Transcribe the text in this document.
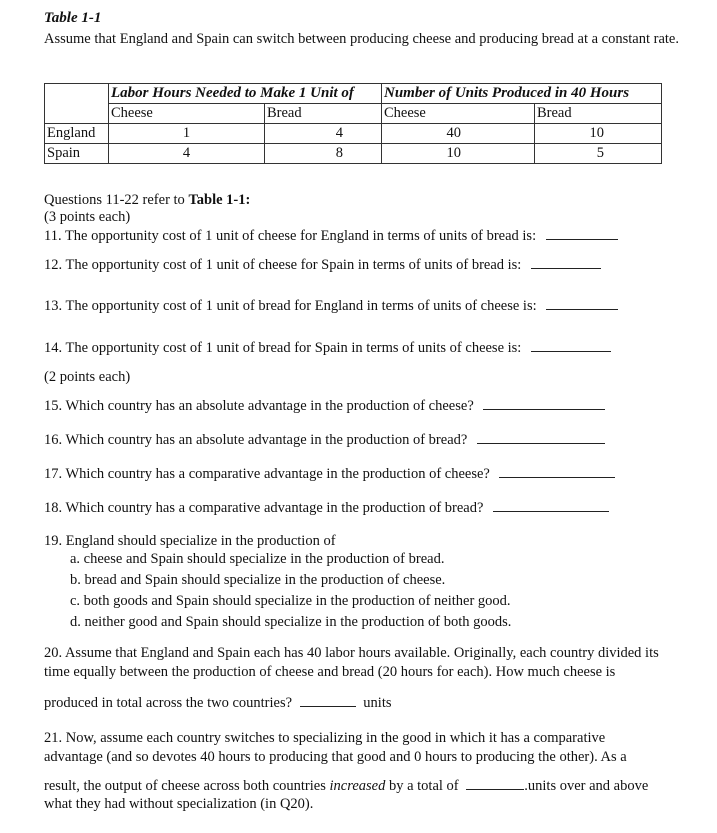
Table 1-1
Assume that England and Spain can switch between producing cheese and producing bread at a constant rate.
	Labor Hours Needed to Make 1 Unit of		Number of Units Produced in 40 Hours	
	Cheese	Bread	Cheese	Bread
England	1	4	40	10
Spain	4	8	10	5
Questions 11-22 refer to Table 1-1:
(3 points each)
11. The opportunity cost of 1 unit of cheese for England in terms of units of bread is:
12. The opportunity cost of 1 unit of cheese for Spain in terms of units of bread is:
13. The opportunity cost of 1 unit of bread for England in terms of units of cheese is:
14. The opportunity cost of 1 unit of bread for Spain in terms of units of cheese is:
(2 points each)
15. Which country has an absolute advantage in the production of cheese?
16. Which country has an absolute advantage in the production of bread?
17. Which country has a comparative advantage in the production of cheese?
18. Which country has a comparative advantage in the production of bread?
19. England should specialize in the production of
a. cheese and Spain should specialize in the production of bread.
b. bread and Spain should specialize in the production of cheese.
c. both goods and Spain should specialize in the production of neither good.
d. neither good and Spain should specialize in the production of both goods.
20. Assume that England and Spain each has 40 labor hours available. Originally, each country divided its time equally between the production of cheese and bread (20 hours for each). How much cheese is
produced in total across the two countries?	units
21. Now, assume each country switches to specializing in the good in which it has a comparative advantage (and so devotes 40 hours to producing that good and 0 hours to producing the other). As a
result, the output of cheese across both countries increased by a total of	.units over and above
what they had without specialization (in Q20).
